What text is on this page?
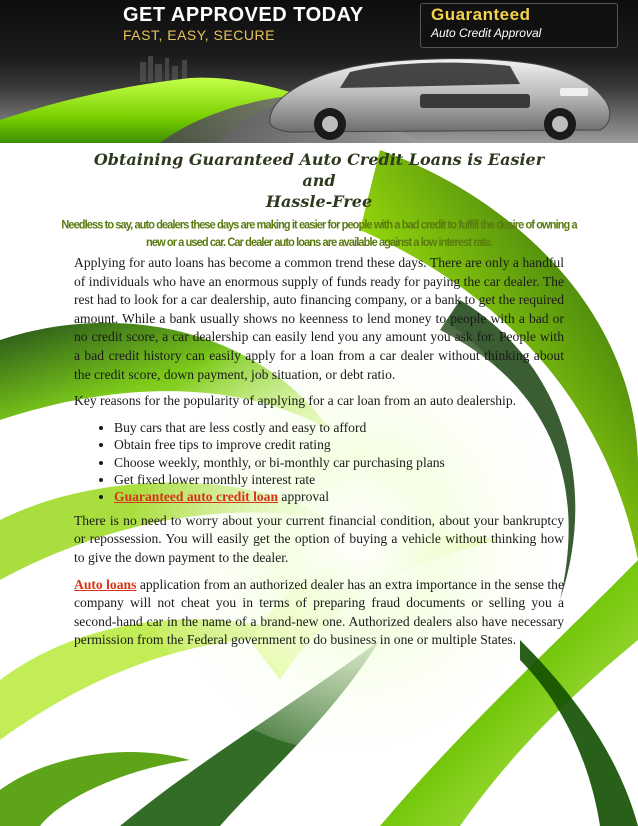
GET APPROVED TODAY
FAST, EASY, SECURE
Guaranteed
Auto Credit Approval
Obtaining Guaranteed Auto Credit Loans is Easier and
Hassle-Free
Needless to say, auto dealers these days are making it easier for people with a bad credit to fulfill the desire of owning a
new or a used car. Car dealer auto loans are available against a low interest rate.

Applying for auto loans has become a common trend these days. There are only a handful of individuals who have an enormous supply of funds ready for paying the car dealer. The rest had to look for a car dealership, auto financing company, or a bank to get the required amount. While a bank usually shows no keenness to lend money to people with a bad or no credit score, a car dealership can easily lend you any amount you ask for. People with a bad credit history can easily apply for a loan from a car dealer without thinking about the credit score, down payment, job situation, or debt ratio.

Key reasons for the popularity of applying for a car loan from an auto dealership.

• Buy cars that are less costly and easy to afford
• Obtain free tips to improve credit rating
• Choose weekly, monthly, or bi-monthly car purchasing plans
• Get fixed lower monthly interest rate
• Guaranteed auto credit loan approval

There is no need to worry about your current financial condition, about your bankruptcy or repossession. You will easily get the option of buying a vehicle without thinking how to give the down payment to the dealer.

Auto loans application from an authorized dealer has an extra importance in the sense the company will not cheat you in terms of preparing fraud documents or selling you a second-hand car in the name of a brand-new one. Authorized dealers also have necessary permission from the Federal government to do business in one or multiple States.
